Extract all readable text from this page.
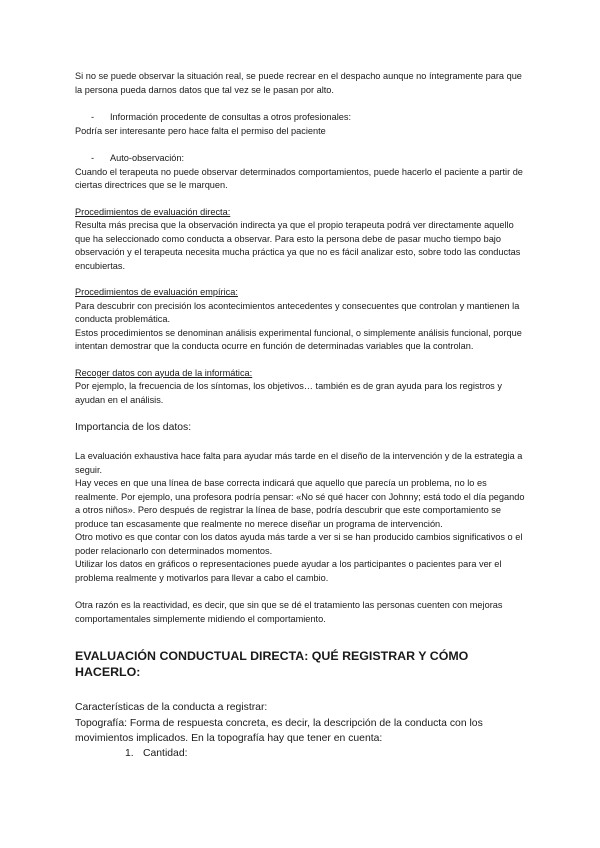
Si no se puede observar la situación real, se puede recrear en el despacho aunque no íntegramente para que la persona pueda darnos datos que tal vez se le pasan por alto.

-	Información procedente de consultas a otros profesionales:

Podría ser interesante pero hace falta el permiso del paciente

-	Auto-observación:

Cuando el terapeuta no puede observar determinados comportamientos, puede hacerlo el paciente a partir de ciertas directrices que se le marquen.

Procedimientos de evaluación directa:

Resulta más precisa que la observación indirecta ya que el propio terapeuta podrá ver directamente aquello que ha seleccionado como conducta a observar. Para esto la persona debe de pasar mucho tiempo bajo observación y el terapeuta necesita mucha práctica ya que no es fácil analizar esto, sobre todo las conductas encubiertas.

Procedimientos de evaluación empírica:

Para descubrir con precisión los acontecimientos antecedentes y consecuentes que controlan y mantienen la conducta problemática.

Estos procedimientos se denominan análisis experimental funcional, o simplemente análisis funcional, porque intentan demostrar que la conducta ocurre en función de determinadas variables que la controlan.

Recoger datos con ayuda de la informática:

Por ejemplo, la frecuencia de los síntomas, los objetivos… también es de gran ayuda para los registros y ayudan en el análisis.

Importancia de los datos:

La evaluación exhaustiva hace falta para ayudar más tarde en el diseño de la intervención y de la estrategia a seguir.

Hay veces en que una línea de base correcta indicará que aquello que parecía un problema, no lo es realmente. Por ejemplo, una profesora podría pensar: «No sé qué hacer con Johnny; está todo el día pegando a otros niños». Pero después de registrar la línea de base, podría descubrir que este comportamiento se produce tan escasamente que realmente no merece diseñar un programa de intervención.

Otro motivo es que contar con los datos ayuda más tarde a ver si se han producido cambios significativos o el poder relacionarlo con determinados momentos.

Utilizar los datos en gráficos o representaciones puede ayudar a los participantes o pacientes para ver el problema realmente y motivarlos para llevar a cabo el cambio.

Otra razón es la reactividad, es decir, que sin que se dé el tratamiento las personas cuenten con mejoras comportamentales simplemente midiendo el comportamiento.

EVALUACIÓN CONDUCTUAL DIRECTA: QUÉ REGISTRAR Y CÓMO HACERLO:

Características de la conducta a registrar:

Topografía: Forma de respuesta concreta, es decir, la descripción de la conducta con los movimientos implicados. En la topografía hay que tener en cuenta:

1. Cantidad:
